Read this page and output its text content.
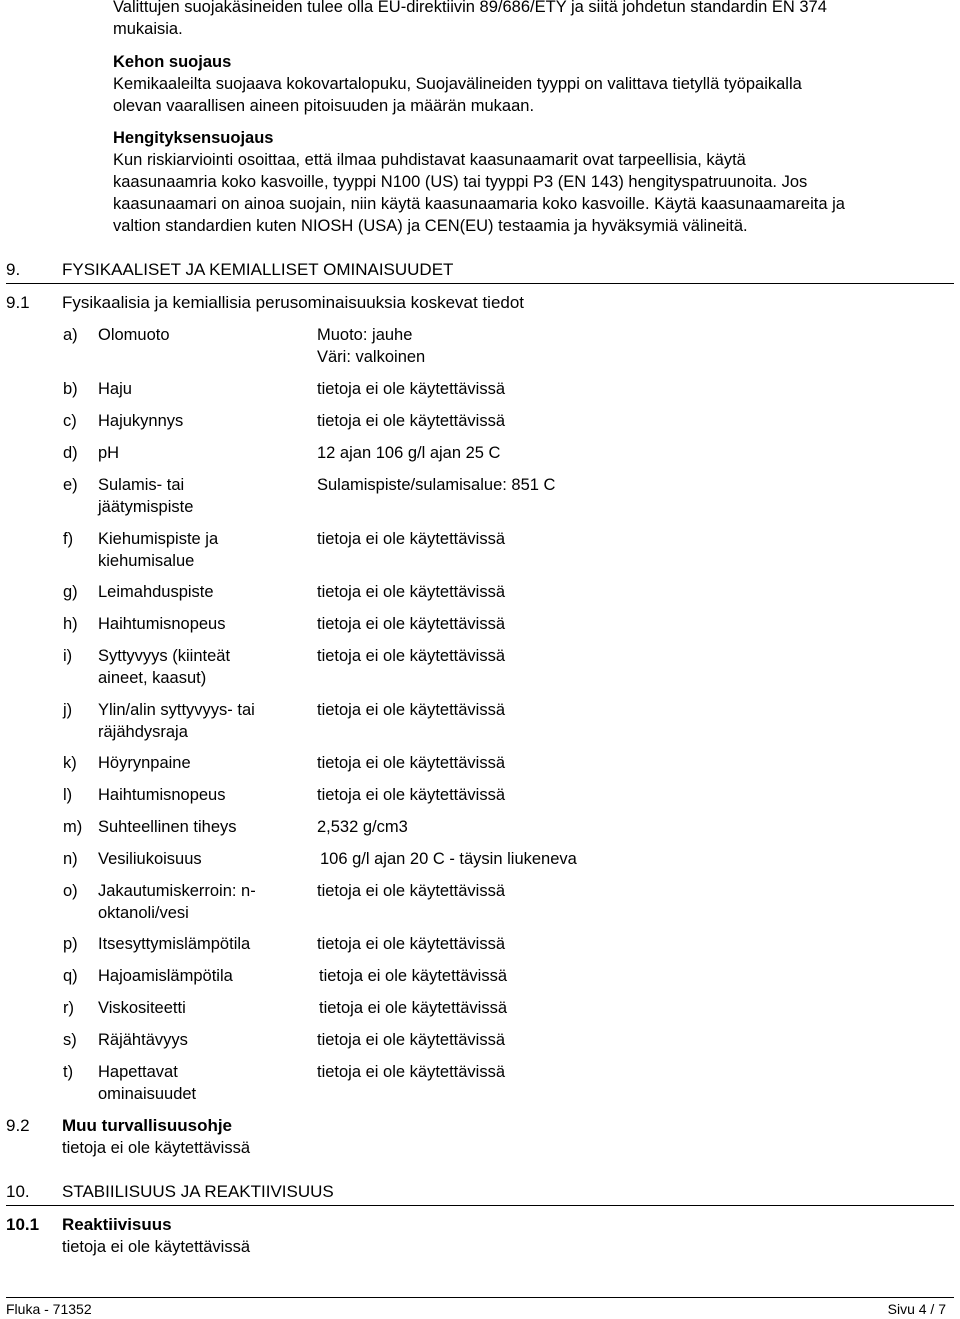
Valittujen suojakäsineiden tulee olla EU-direktiivin 89/686/ETY ja siitä johdetun standardin EN 374
mukaisia.
Kehon suojaus
Kemikaaleilta suojaava kokovartalopuku, Suojavälineiden tyyppi on valittava tietyllä työpaikalla
olevan vaarallisen aineen pitoisuuden ja määrän mukaan.
Hengityksensuojaus
Kun riskiarviointi osoittaa, että ilmaa puhdistavat kaasunaamarit ovat tarpeellisia, käytä
kaasunaamria koko kasvoille, tyyppi N100 (US) tai tyyppi P3 (EN 143) hengityspatruunoita. Jos
kaasunaamari on ainoa suojain, niin käytä kaasunaamaria koko kasvoille. Käytä kaasunaamareita ja
valtion standardien kuten NIOSH (USA) ja CEN(EU) testaamia ja hyväksymiä välineitä.
9. FYSIKAALISET JA KEMIALLISET OMINAISUUDET
9.1 Fysikaalisia ja kemiallisia perusominaisuuksia koskevat tiedot
a) Olomuoto	Muoto: jauhe
Väri: valkoinen
b) Haju	tietoja ei ole käytettävissä
c) Hajukynnys	tietoja ei ole käytettävissä
d) pH	12 ajan 106 g/l ajan 25 C
e) Sulamis- tai jäätymispiste
Sulamispiste/sulamisalue: 851 C
f) Kiehumispiste ja kiehumisalue
tietoja ei ole käytettävissä
g) Leimahduspiste	tietoja ei ole käytettävissä
h) Haihtumisnopeus	tietoja ei ole käytettävissä
i) Syttyvyys (kiinteät aineet, kaasut)
tietoja ei ole käytettävissä
j) Ylin/alin syttyvyys- tai räjähdysraja
tietoja ei ole käytettävissä
k) Höyrynpaine	tietoja ei ole käytettävissä
l) Haihtumisnopeus	tietoja ei ole käytettävissä
m) Suhteellinen tiheys	2,532 g/cm3
n) Vesiliukoisuus	106 g/l ajan 20 C - täysin liukeneva
o) Jakautumiskerroin: n-oktanoli/vesi
tietoja ei ole käytettävissä
p) Itsesyttymislämpötila	tietoja ei ole käytettävissä
q) Hajoamislämpötila	tietoja ei ole käytettävissä
r) Viskositeetti	tietoja ei ole käytettävissä
s) Räjähtävyys	tietoja ei ole käytettävissä
t) Hapettavat ominaisuudet
tietoja ei ole käytettävissä
9.2 Muu turvallisuusohje
tietoja ei ole käytettävissä
10. STABIILISUUS JA REAKTIIVISUUS
10.1 Reaktiivisuus
tietoja ei ole käytettävissä
Fluka - 71352	Sivu 4 / 7
